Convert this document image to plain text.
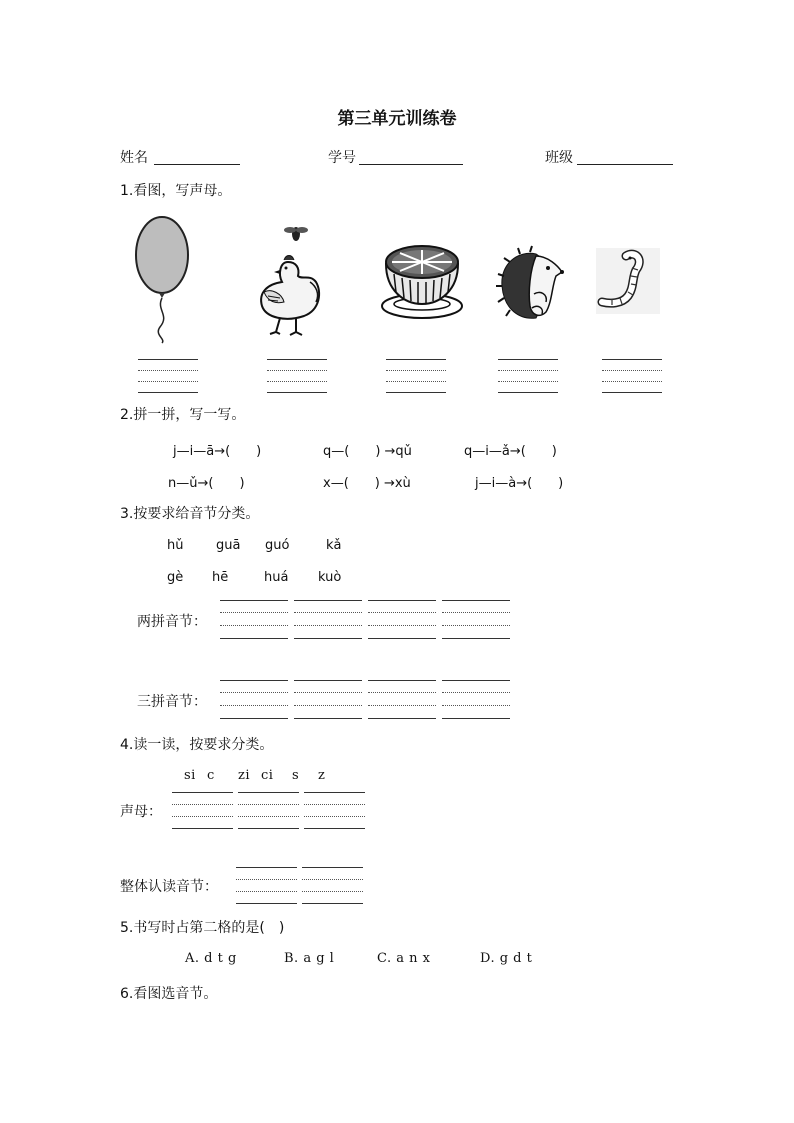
第三单元训练卷
姓名	学号	班级
1.看图，写声母。
2.拼一拼，写一写。
j—i—ā→(　　)	q—(　　) →qǔ	q—i—ǎ→(　　)
n—ǔ→(　　)	x—(　　) →xù	j—i—à→(　　)
3.按要求给音节分类。
hǔ	guā guó	kǎ
gè hē	huá kuò
两拼音节：
三拼音节：
4.读一读，按要求分类。
si c zi ci s z
声母：
整体认读音节：
5.书写时占第二格的是(　)
A. d t g	B. a g l	C. a n x	D. g d t
6.看图选音节。
